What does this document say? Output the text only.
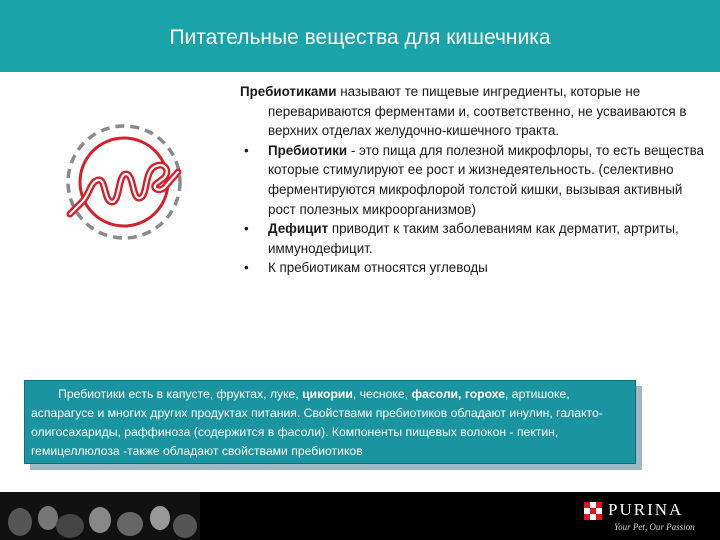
Питательные вещества для кишечника

Пребиотиками называют те пищевые ингредиенты, которые не перевариваются ферментами и, соответственно, не усваиваются в верхних отделах желудочно-кишечного тракта.

• Пребиотики - это пища для полезной микрофлоры, то есть вещества которые стимулируют ее рост и жизнедеятельность. (селективно ферментируются микрофлорой толстой кишки, вызывая активный рост полезных микроорганизмов)
• Дефицит приводит к таким заболеваниям как дерматит, артриты, иммунодефицит.
• К пребиотикам относятся углеводы
Пребиотики есть в капусте, фруктах, луке, цикории, чесноке, фасоли, горохе, артишоке, аспарагусе и многих других продуктах питания. Свойствами пребиотиков обладают инулин, галакто-олигосахариды, раффиноза (содержится в фасоли). Компоненты пищевых волокон - пектин, гемицеллюлоза -также обладают свойствами пребиотиков
PURINA
Your Pet, Our Passion
